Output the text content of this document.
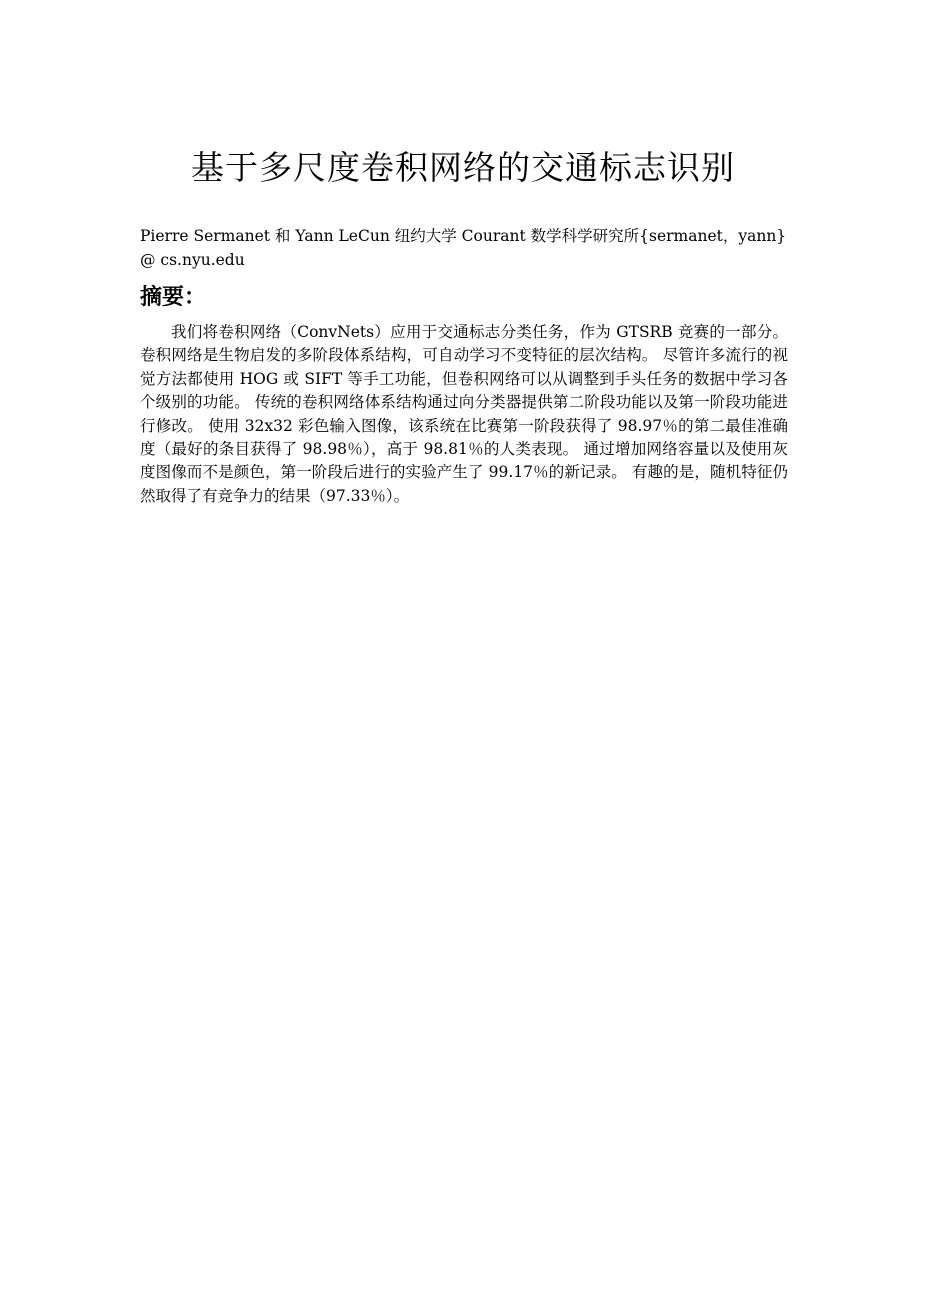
基于多尺度卷积网络的交通标志识别

Pierre Sermanet 和 Yann LeCun 纽约大学 Courant 数学科学研究所{sermanet，yann} @ cs.nyu.edu

摘要：

我们将卷积网络（ConvNets）应用于交通标志分类任务，作为 GTSRB 竞赛的一部分。 卷积网络是生物启发的多阶段体系结构，可自动学习不变特征的层次结构。 尽管许多流行的视觉方法都使用 HOG 或 SIFT 等手工功能，但卷积网络可以从调整到手头任务的数据中学习各个级别的功能。 传统的卷积网络体系结构通过向分类器提供第二阶段功能以及第一阶段功能进行修改。 使用 32x32 彩色输入图像，该系统在比赛第一阶段获得了 98.97％的第二最佳准确度（最好的条目获得了 98.98％），高于 98.81％的人类表现。 通过增加网络容量以及使用灰度图像而不是颜色，第一阶段后进行的实验产生了 99.17％的新记录。 有趣的是，随机特征仍然取得了有竞争力的结果（97.33％）。
